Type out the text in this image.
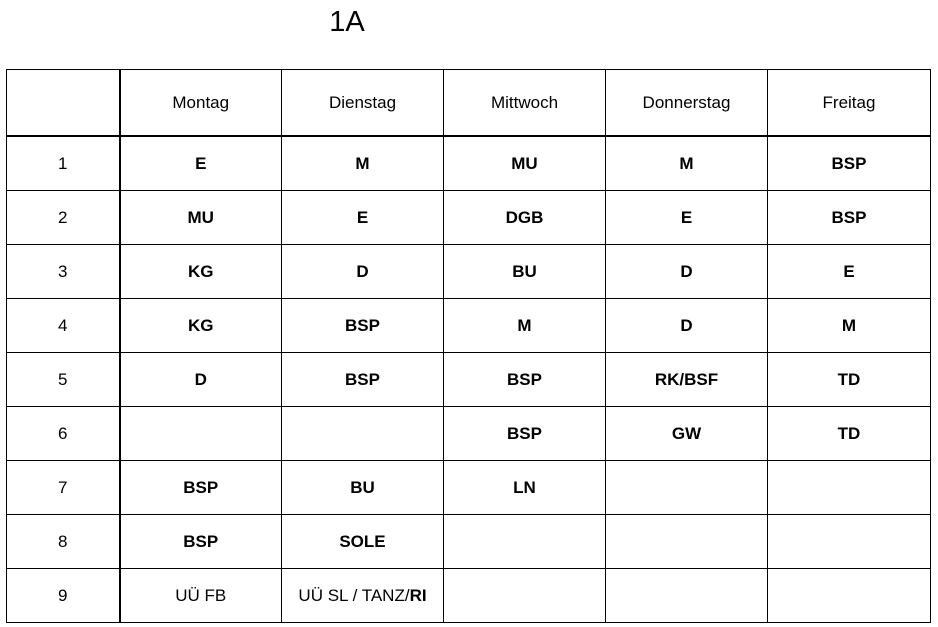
1A
	Montag	Dienstag	Mittwoch	Donnerstag	Freitag
1	E	M	MU	M	BSP
2	MU	E	DGB	E	BSP
3	KG	D	BU	D	E
4	KG	BSP	M	D	M
5	D	BSP	BSP	RK/BSF	TD
6			BSP	GW	TD
7	BSP	BU	LN		
8	BSP	SOLE			
9	UÜ FB	UÜ SL / TANZ/RI			
